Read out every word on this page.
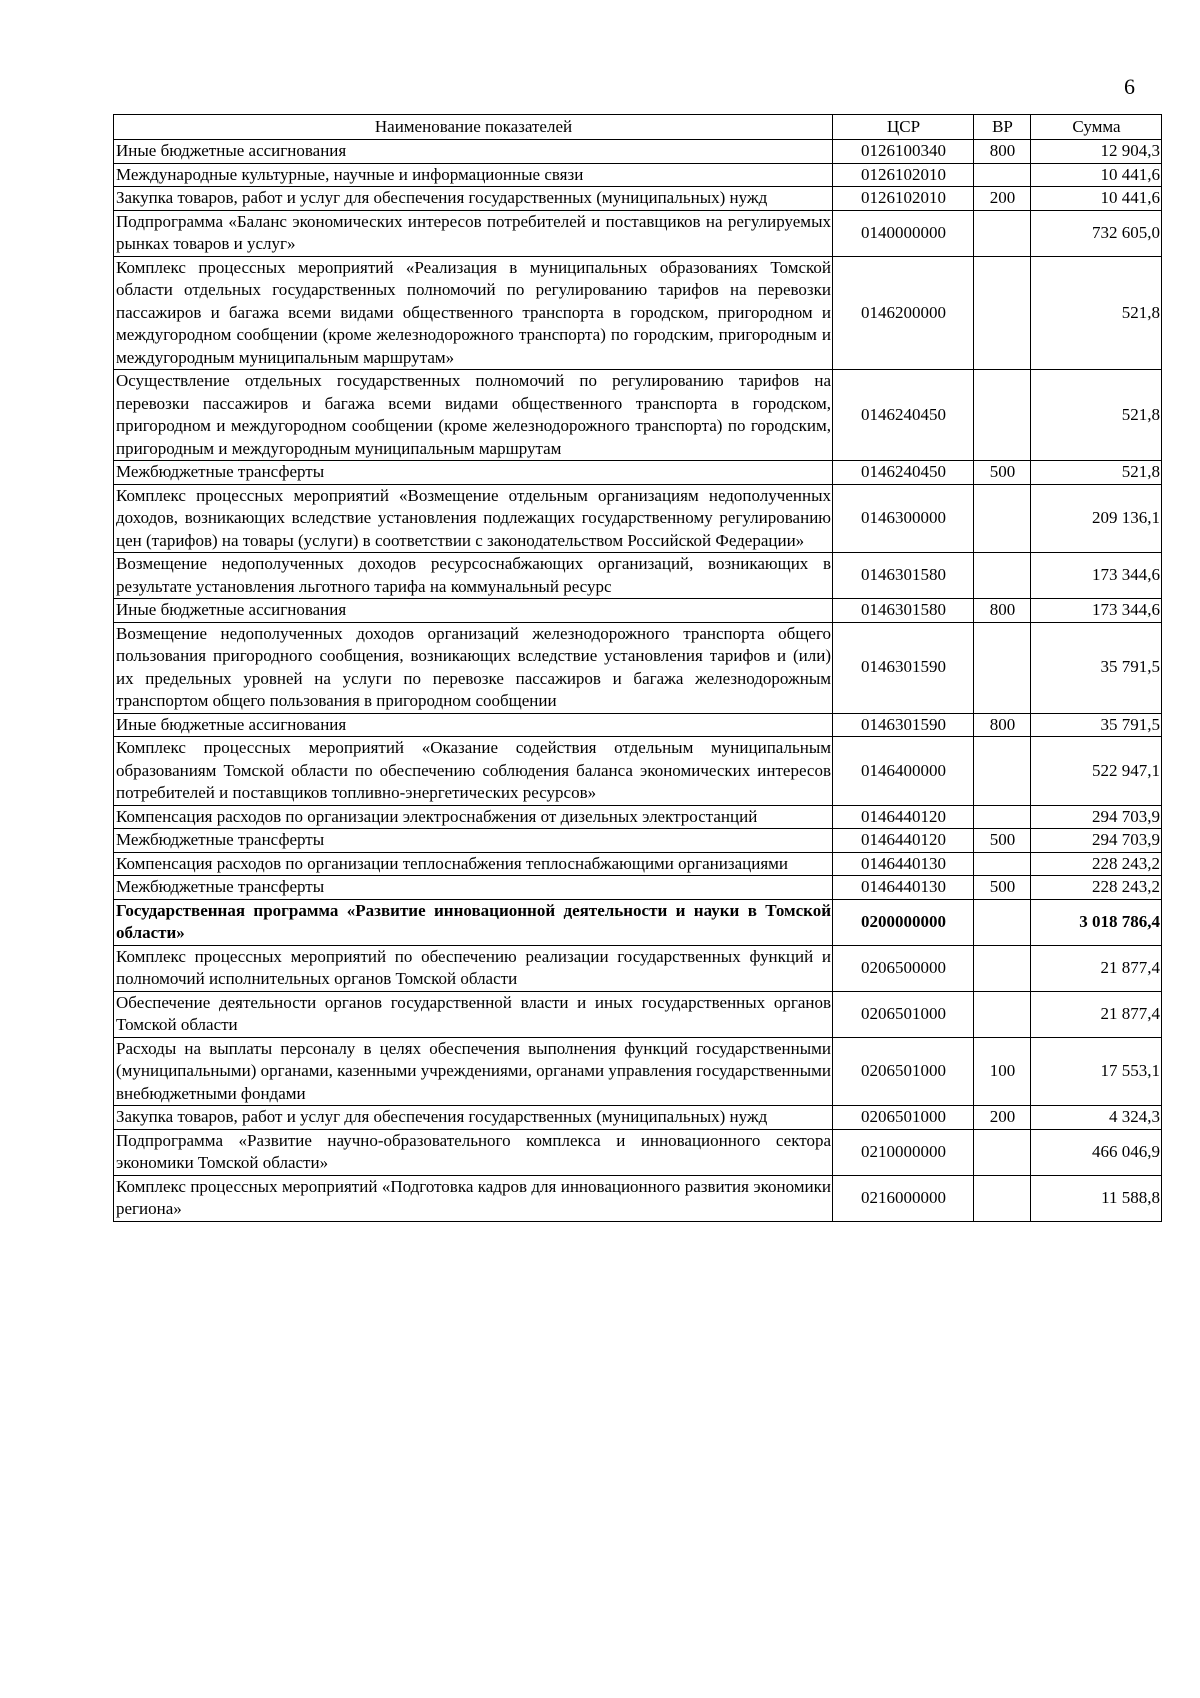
6
Наименование показателей	ЦСР	ВР	Сумма
Иные бюджетные ассигнования	0126100340	800	12 904,3
Международные культурные, научные и информационные связи	0126102010		10 441,6
Закупка товаров, работ и услуг для обеспечения государственных (муниципальных) нужд	0126102010	200	10 441,6
Подпрограмма «Баланс экономических интересов потребителей и поставщиков на регулируемых рынках товаров и услуг»	0140000000		732 605,0
Комплекс процессных мероприятий «Реализация в муниципальных образованиях Томской области отдельных государственных полномочий по регулированию тарифов на перевозки пассажиров и багажа всеми видами общественного транспорта в городском, пригородном и междугородном сообщении (кроме железнодорожного транспорта) по городским, пригородным и междугородным муниципальным маршрутам»	0146200000		521,8
Осуществление отдельных государственных полномочий по регулированию тарифов на перевозки пассажиров и багажа всеми видами общественного транспорта в городском, пригородном и междугородном сообщении (кроме железнодорожного транспорта) по городским, пригородным и междугородным муниципальным маршрутам	0146240450		521,8
Межбюджетные трансферты	0146240450	500	521,8
Комплекс процессных мероприятий «Возмещение отдельным организациям недополученных доходов, возникающих вследствие установления подлежащих государственному регулированию цен (тарифов) на товары (услуги) в соответствии с законодательством Российской Федерации»	0146300000		209 136,1
Возмещение недополученных доходов ресурсоснабжающих организаций, возникающих в результате установления льготного тарифа на коммунальный ресурс	0146301580		173 344,6
Иные бюджетные ассигнования	0146301580	800	173 344,6
Возмещение недополученных доходов организаций железнодорожного транспорта общего пользования пригородного сообщения, возникающих вследствие установления тарифов и (или) их предельных уровней на услуги по перевозке пассажиров и багажа железнодорожным транспортом общего пользования в пригородном сообщении	0146301590		35 791,5
Иные бюджетные ассигнования	0146301590	800	35 791,5
Комплекс процессных мероприятий «Оказание содействия отдельным муниципальным образованиям Томской области по обеспечению соблюдения баланса экономических интересов потребителей и поставщиков топливно-энергетических ресурсов»	0146400000		522 947,1
Компенсация расходов по организации электроснабжения от дизельных электростанций	0146440120		294 703,9
Межбюджетные трансферты	0146440120	500	294 703,9
Компенсация расходов по организации теплоснабжения теплоснабжающими организациями	0146440130		228 243,2
Межбюджетные трансферты	0146440130	500	228 243,2
Государственная программа «Развитие инновационной деятельности и науки в Томской области»	0200000000		3 018 786,4
Комплекс процессных мероприятий по обеспечению реализации государственных функций и полномочий исполнительных органов Томской области	0206500000		21 877,4
Обеспечение деятельности органов государственной власти и иных государственных органов Томской области	0206501000		21 877,4
Расходы на выплаты персоналу в целях обеспечения выполнения функций государственными (муниципальными) органами, казенными учреждениями, органами управления государственными внебюджетными фондами	0206501000	100	17 553,1
Закупка товаров, работ и услуг для обеспечения государственных (муниципальных) нужд	0206501000	200	4 324,3
Подпрограмма «Развитие научно-образовательного комплекса и инновационного сектора экономики Томской области»	0210000000		466 046,9
Комплекс процессных мероприятий «Подготовка кадров для инновационного развития экономики региона»	0216000000		11 588,8
